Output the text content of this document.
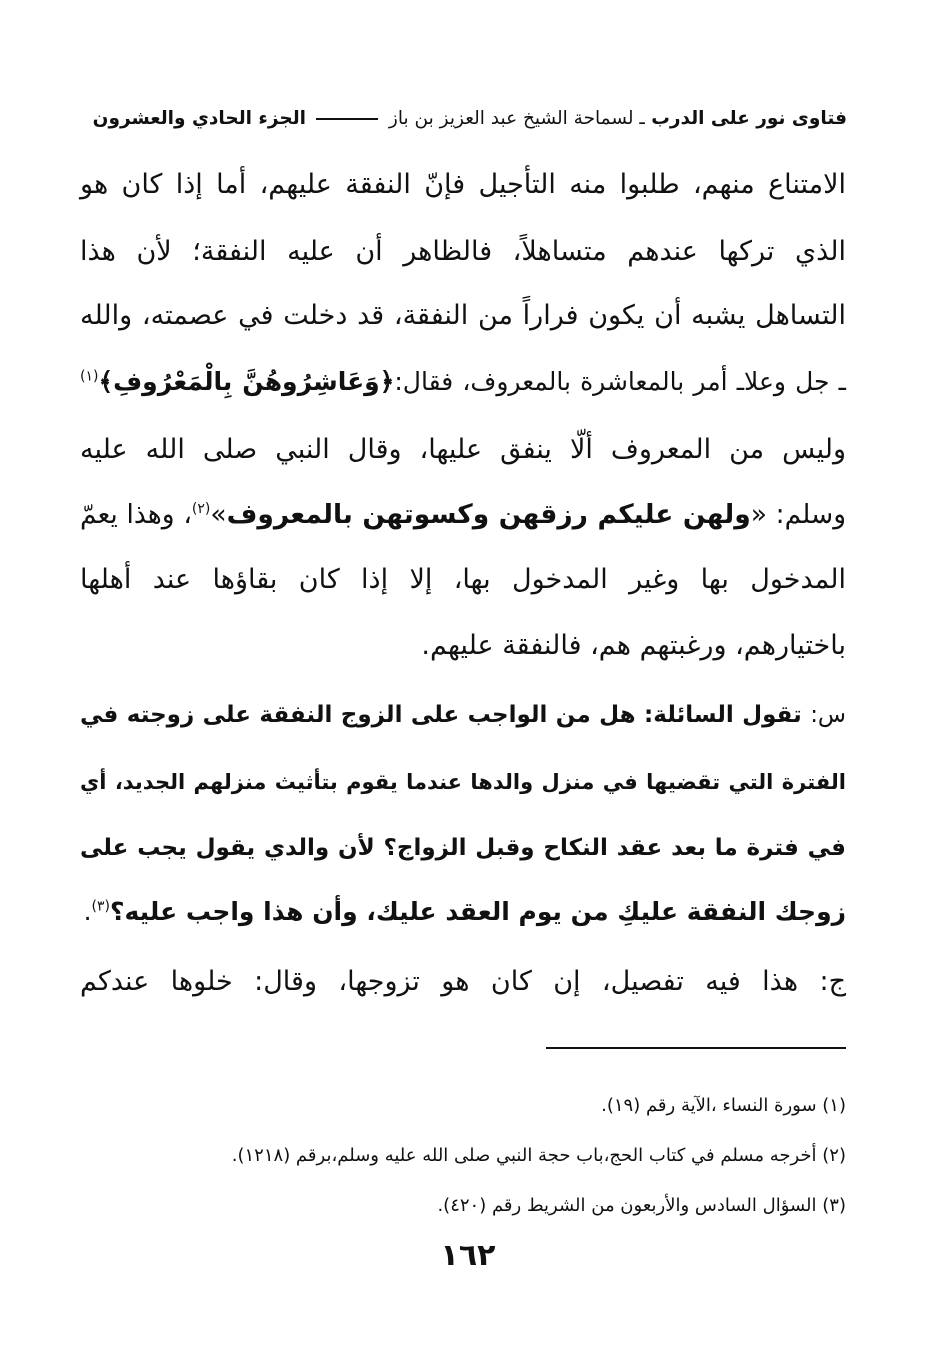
فتاوى نور على الدرب ـ لسماحة الشيخ عبد العزيز بن باز  الجزء الحادي والعشرون
الامتناع منهم، طلبوا منه التأجيل فإنّ النفقة عليهم، أما إذا كان هو
الذي تركها عندهم متساهلاً، فالظاهر أن عليه النفقة؛ لأن هذا
التساهل يشبه أن يكون فراراً من النفقة، قد دخلت في عصمته، والله
ـ جل وعلاـ أمر بالمعاشرة بالمعروف، فقال:﴿وَعَاشِرُوهُنَّ بِالْمَعْرُوفِ﴾$^{(١)}$
وليس من المعروف ألّا ينفق عليها، وقال النبي صلى الله عليه
وسلم: «ولهن عليكم رزقهن وكسوتهن بالمعروف»$^{(٢)}$، وهذا يعمّ
المدخول بها وغير المدخول بها، إلا إذا كان بقاؤها عند أهلها
باختيارهم، ورغبتهم هم، فالنفقة عليهم.
س: تقول السائلة: هل من الواجب على الزوج النفقة على زوجته في
الفترة التي تقضيها في منزل والدها عندما يقوم بتأثيث منزلهم الجديد، أي
في فترة ما بعد عقد النكاح وقبل الزواج؟ لأن والدي يقول يجب على
زوجك النفقة عليكِ من يوم العقد عليك، وأن هذا واجب عليه؟$^{(٣)}$.
ج: هذا فيه تفصيل، إن كان هو تزوجها، وقال: خلوها عندكم
(١) سورة النساء ،الآية رقم (١٩).
(٢) أخرجه مسلم في كتاب الحج،باب حجة النبي صلى الله عليه وسلم،برقم (١٢١٨).
(٣) السؤال السادس والأربعون من الشريط رقم (٤٢٠).
١٦٢
